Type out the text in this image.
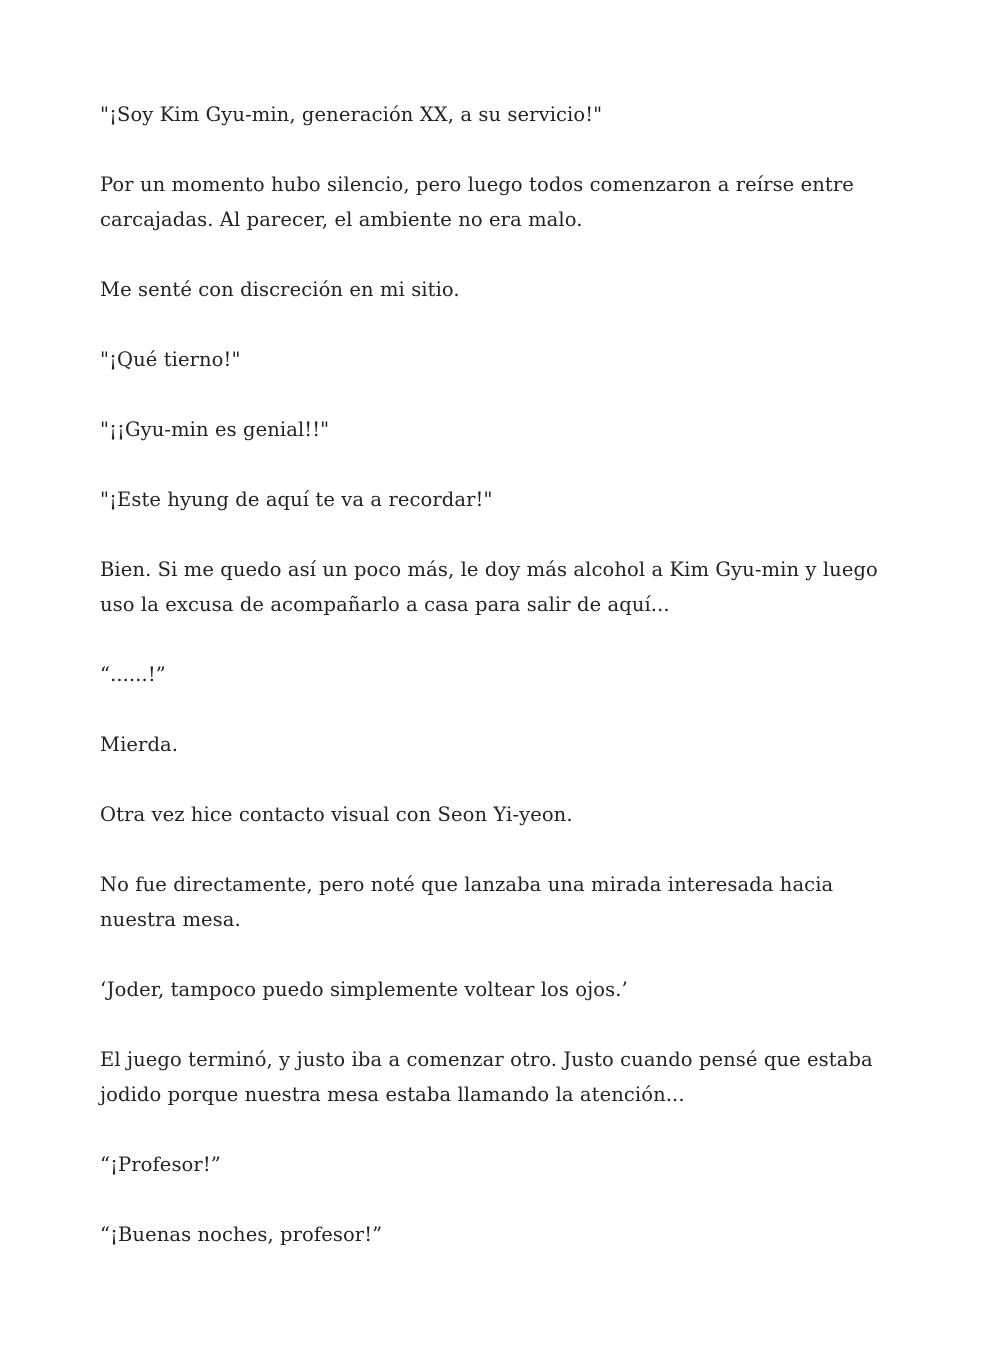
"¡Soy Kim Gyu-min, generación XX, a su servicio!"

Por un momento hubo silencio, pero luego todos comenzaron a reírse entre carcajadas. Al parecer, el ambiente no era malo.

Me senté con discreción en mi sitio.

"¡Qué tierno!"

"¡¡Gyu-min es genial!!"

"¡Este hyung de aquí te va a recordar!"

Bien. Si me quedo así un poco más, le doy más alcohol a Kim Gyu-min y luego uso la excusa de acompañarlo a casa para salir de aquí...

“......!”

Mierda.

Otra vez hice contacto visual con Seon Yi-yeon.

No fue directamente, pero noté que lanzaba una mirada interesada hacia nuestra mesa.

‘Joder, tampoco puedo simplemente voltear los ojos.’

El juego terminó, y justo iba a comenzar otro. Justo cuando pensé que estaba jodido porque nuestra mesa estaba llamando la atención...

“¡Profesor!”

“¡Buenas noches, profesor!”
